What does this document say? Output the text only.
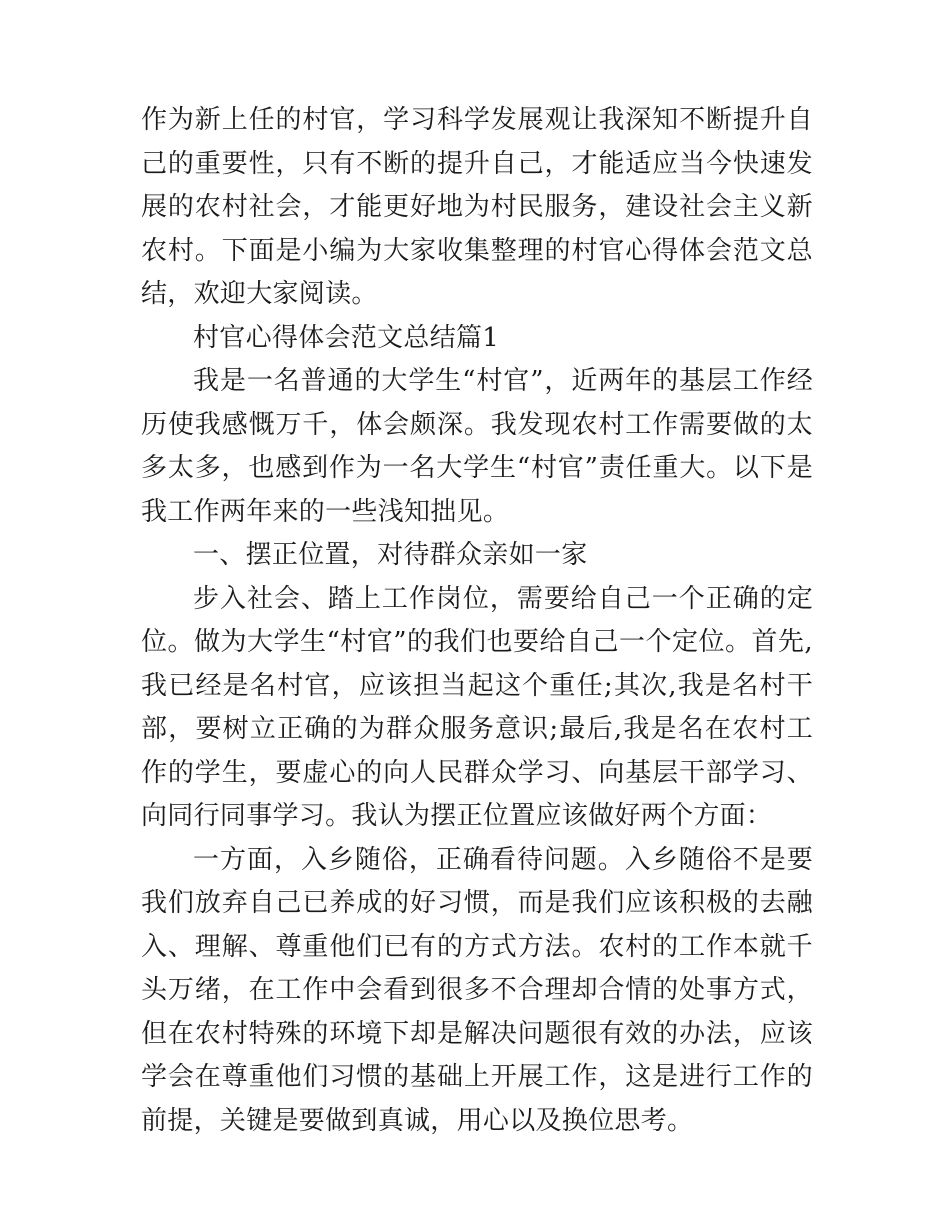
作为新上任的村官，学习科学发展观让我深知不断提升自己的重要性，只有不断的提升自己，才能适应当今快速发展的农村社会，才能更好地为村民服务，建设社会主义新农村。下面是小编为大家收集整理的村官心得体会范文总结，欢迎大家阅读。

村官心得体会范文总结篇1

我是一名普通的大学生“村官”，近两年的基层工作经历使我感慨万千，体会颇深。我发现农村工作需要做的太多太多，也感到作为一名大学生“村官”责任重大。以下是我工作两年来的一些浅知拙见。

一、摆正位置，对待群众亲如一家

步入社会、踏上工作岗位，需要给自己一个正确的定位。做为大学生“村官”的我们也要给自己一个定位。首先,我已经是名村官，应该担当起这个重任;其次,我是名村干部，要树立正确的为群众服务意识;最后,我是名在农村工作的学生，要虚心的向人民群众学习、向基层干部学习、向同行同事学习。我认为摆正位置应该做好两个方面：

一方面，入乡随俗，正确看待问题。入乡随俗不是要我们放弃自己已养成的好习惯，而是我们应该积极的去融入、理解、尊重他们已有的方式方法。农村的工作本就千头万绪，在工作中会看到很多不合理却合情的处事方式，但在农村特殊的环境下却是解决问题很有效的办法，应该学会在尊重他们习惯的基础上开展工作，这是进行工作的前提，关键是要做到真诚，用心以及换位思考。
